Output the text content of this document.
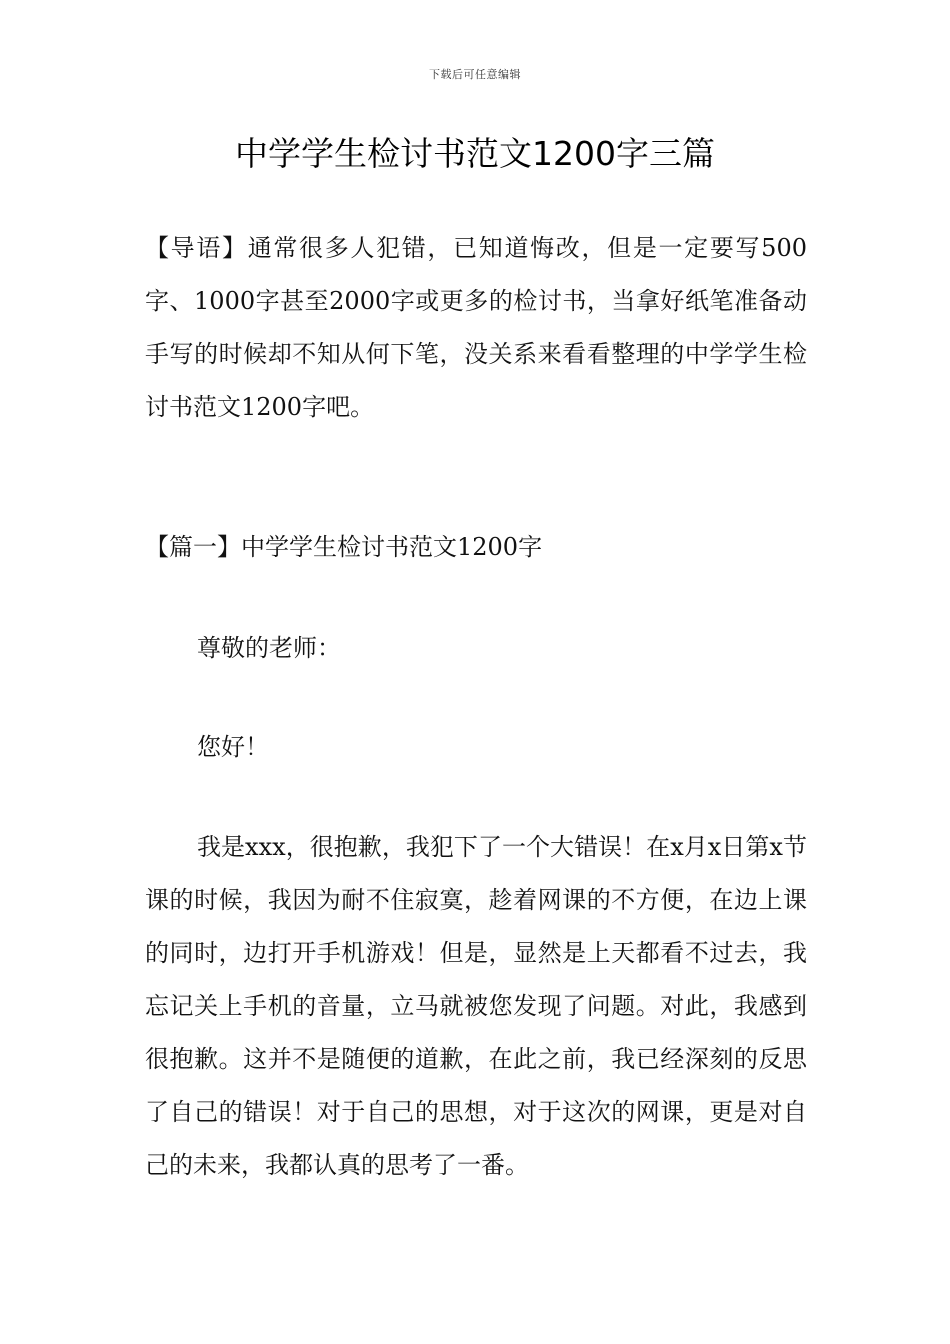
下载后可任意编辑
中学学生检讨书范文1200字三篇

【导语】通常很多人犯错，已知道悔改，但是一定要写500字、1000字甚至2000字或更多的检讨书，当拿好纸笔准备动手写的时候却不知从何下笔，没关系来看看整理的中学学生检讨书范文1200字吧。

【篇一】中学学生检讨书范文1200字

尊敬的老师：

您好！

我是xxx，很抱歉，我犯下了一个大错误！在x月x日第x节课的时候，我因为耐不住寂寞，趁着网课的不方便，在边上课的同时，边打开手机游戏！但是，显然是上天都看不过去，我忘记关上手机的音量，立马就被您发现了问题。对此，我感到很抱歉。这并不是随便的道歉，在此之前，我已经深刻的反思了自己的错误！对于自己的思想，对于这次的网课，更是对自己的未来，我都认真的思考了一番。
